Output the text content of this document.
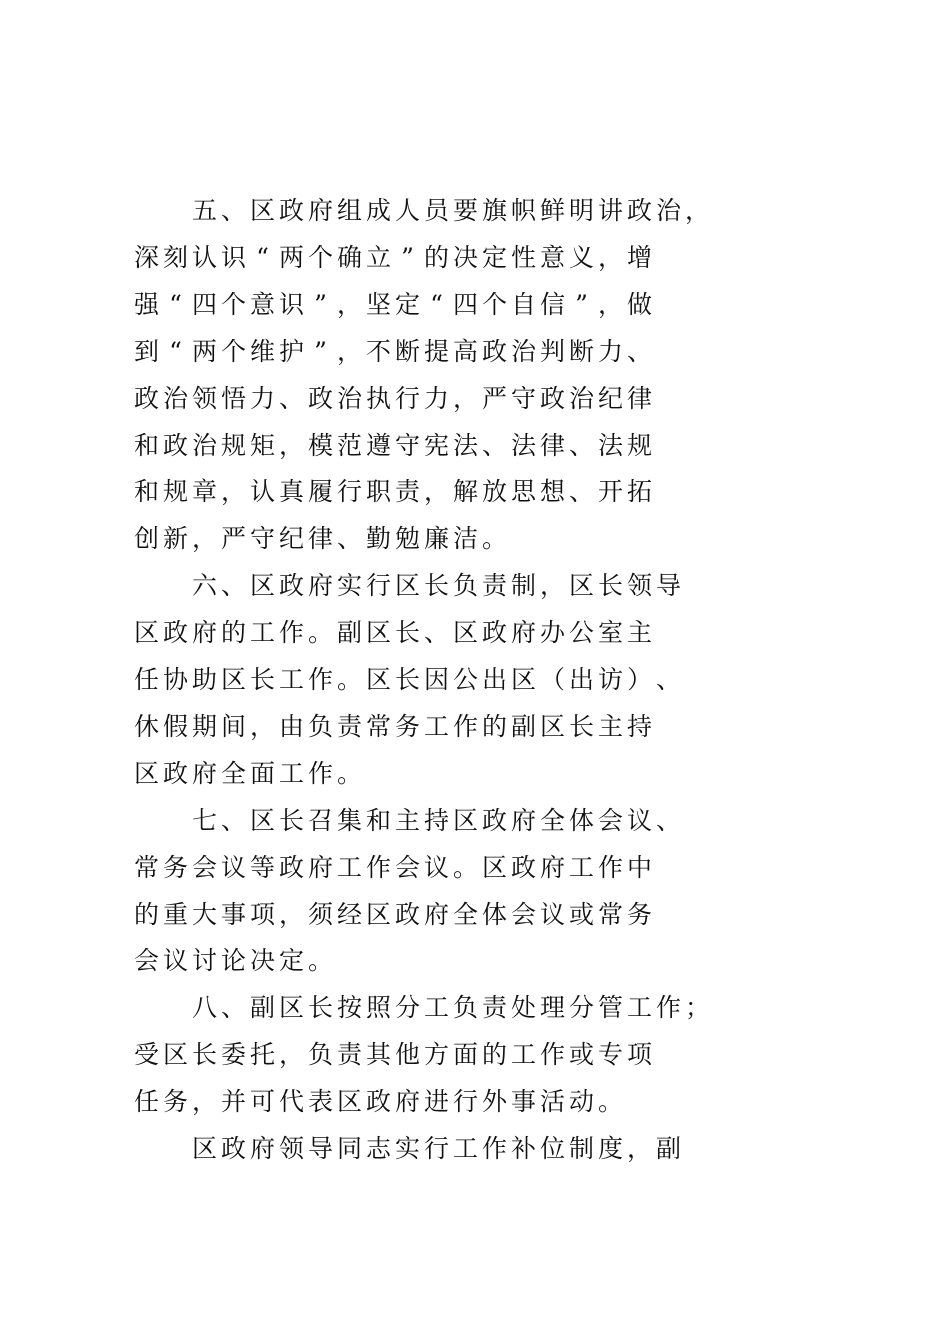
五 、 区 政 府 组 成 人 员 要 旗 帜 鲜 明 讲 政 治 ，
深 刻 认 识 “ 两 个 确 立 ” 的 决 定 性 意 义 ， 增
强 “ 四 个 意 识 ” ， 坚 定 “ 四 个 自 信 ” ， 做
到 “ 两 个 维 护 ” ， 不 断 提 高 政 治 判 断 力 、
政 治 领 悟 力 、 政 治 执 行 力 ， 严 守 政 治 纪 律
和 政 治 规 矩 ， 模 范 遵 守 宪 法 、 法 律 、 法 规
和 规 章 ， 认 真 履 行 职 责 ， 解 放 思 想 、 开 拓
创 新 ， 严 守 纪 律 、 勤 勉 廉 洁 。
六 、 区 政 府 实 行 区 长 负 责 制 ， 区 长 领 导
区 政 府 的 工 作 。 副 区 长 、 区 政 府 办 公 室 主
任 协 助 区 长 工 作 。 区 长 因 公 出 区 （ 出 访 ） 、
休 假 期 间 ， 由 负 责 常 务 工 作 的 副 区 长 主 持
区 政 府 全 面 工 作 。
七 、 区 长 召 集 和 主 持 区 政 府 全 体 会 议 、
常 务 会 议 等 政 府 工 作 会 议 。 区 政 府 工 作 中
的 重 大 事 项 ， 须 经 区 政 府 全 体 会 议 或 常 务
会 议 讨 论 决 定 。
八 、 副 区 长 按 照 分 工 负 责 处 理 分 管 工 作 ；
受 区 长 委 托 ， 负 责 其 他 方 面 的 工 作 或 专 项
任 务 ， 并 可 代 表 区 政 府 进 行 外 事 活 动 。
区 政 府 领 导 同 志 实 行 工 作 补 位 制 度 ， 副
